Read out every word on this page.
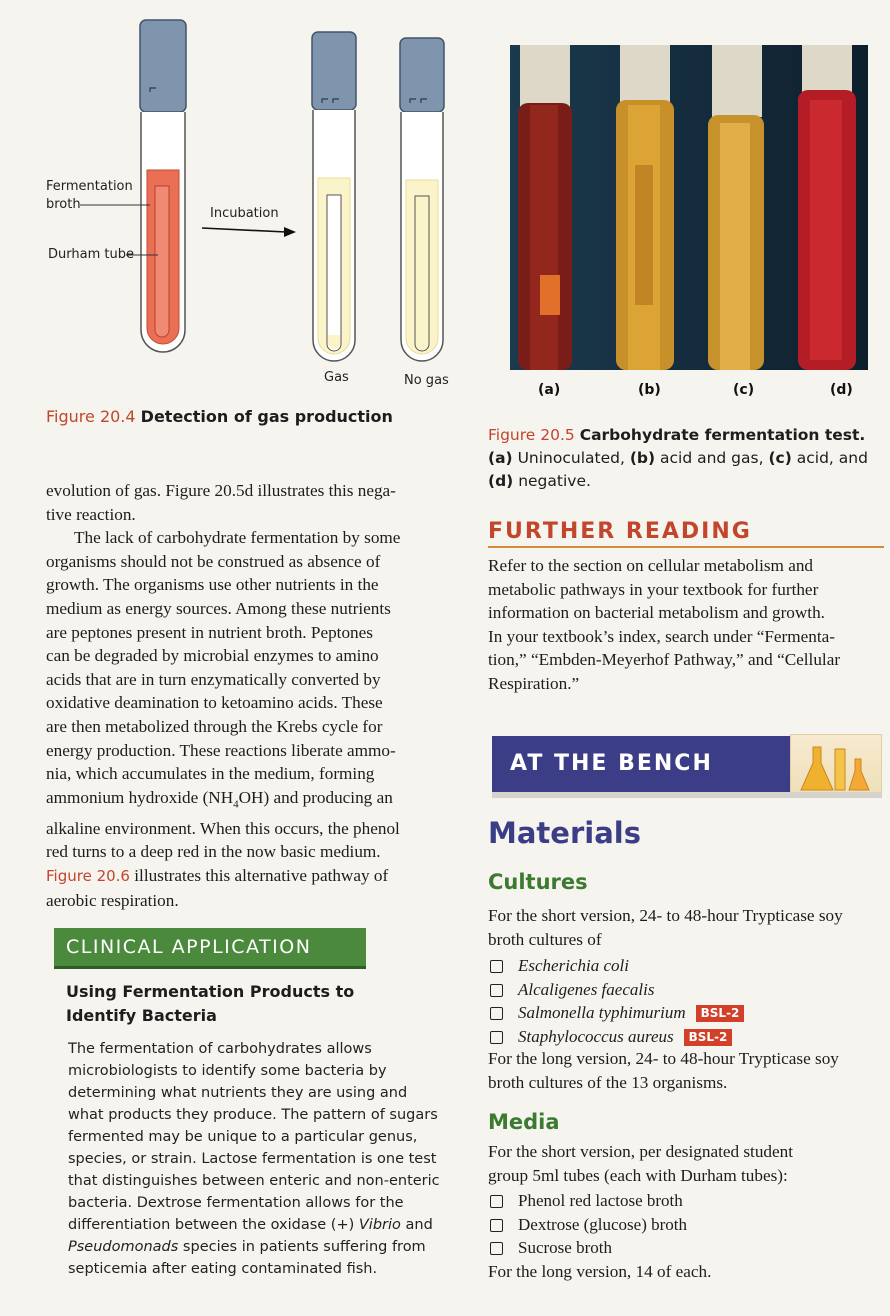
Fermentation broth
Durham tube
Incubation
Gas	No gas
Figure 20.4 Detection of gas production
(a)	(b)	(c)	(d)
Figure 20.5 Carbohydrate fermentation test.
(a) Uninoculated, (b) acid and gas, (c) acid, and
(d) negative.

evolution of gas. Figure 20.5d illustrates this nega-

tive reaction.

The lack of carbohydrate fermentation by some

organisms should not be construed as absence of

growth. The organisms use other nutrients in the

medium as energy sources. Among these nutrients

are peptones present in nutrient broth. Peptones

can be degraded by microbial enzymes to amino

acids that are in turn enzymatically converted by

oxidative deamination to ketoamino acids. These

are then metabolized through the Krebs cycle for

energy production. These reactions liberate ammo-

nia, which accumulates in the medium, forming

ammonium hydroxide $(NH_4OH)$ and producing an

alkaline environment. When this occurs, the phenol

red turns to a deep red in the now basic medium.

Figure 20.6 illustrates this alternative pathway of

aerobic respiration.

CLINICAL APPLICATION
Using Fermentation Products to
Identify Bacteria
The fermentation of carbohydrates allows
microbiologists to identify some bacteria by
determining what nutrients they are using and
what products they produce. The pattern of sugars
fermented may be unique to a particular genus,
species, or strain. Lactose fermentation is one test
that distinguishes between enteric and non-enteric
bacteria. Dextrose fermentation allows for the
differentiation between the oxidase (+) Vibrio and
Pseudomonads species in patients suffering from
septicemia after eating contaminated fish.
FURTHER READING

Refer to the section on cellular metabolism and

metabolic pathways in your textbook for further

information on bacterial metabolism and growth.

In your textbook’s index, search under “Fermenta-

tion,” “Embden-Meyerhof Pathway,” and “Cellular

Respiration.”

AT THE BENCH
Materials
Cultures

For the short version, 24- to 48-hour Trypticase soy

broth cultures of

Escherichia coli
Alcaligenes faecalis
Salmonella typhimurium BSL-2
Staphylococcus aureus BSL-2

For the long version, 24- to 48-hour Trypticase soy

broth cultures of the 13 organisms.

Media

For the short version, per designated student

group 5ml tubes (each with Durham tubes):

Phenol red lactose broth
Dextrose (glucose) broth
Sucrose broth
For the long version, 14 of each.
